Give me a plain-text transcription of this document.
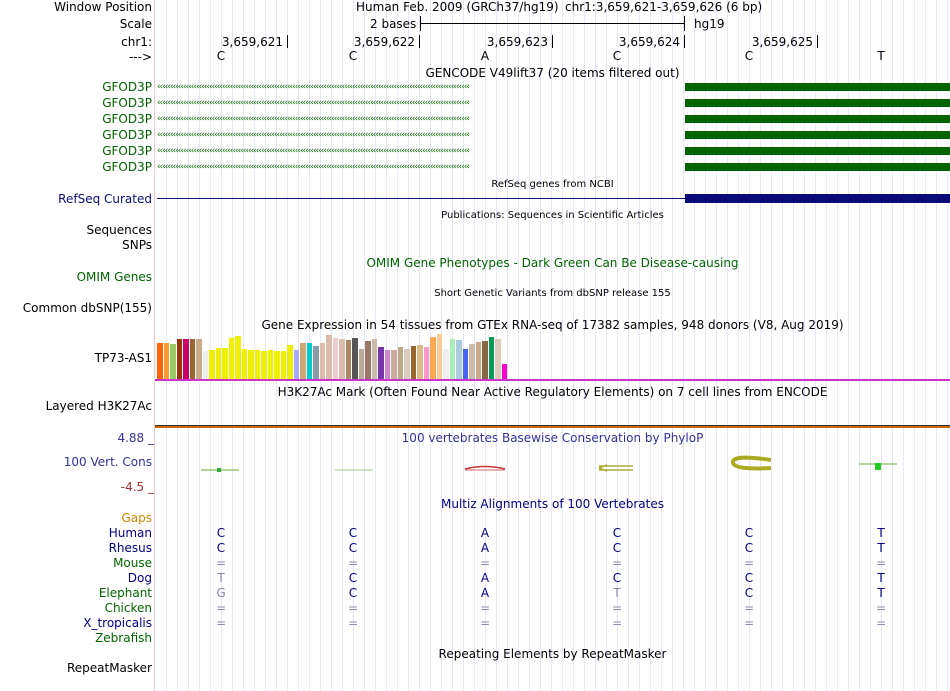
Window Position	Human Feb. 2009 (GRCh37/hg19) chr1:3,659,621-3,659,626 (6 bp)
Scale	2 bases	hg19
chr1:	3,659,621	3,659,622	3,659,623	3,659,624	3,659,625
--->	C	C	A	C	C	T
GENCODE V49lift37 (20 items filtered out)
GFOD3P ‹‹‹‹‹‹‹‹‹‹‹‹‹‹‹‹‹‹‹‹‹‹‹‹‹‹‹‹‹‹‹‹‹‹‹‹‹‹‹‹‹‹‹‹‹‹‹‹‹‹‹‹‹‹‹‹‹‹‹‹‹‹‹‹‹‹‹‹‹‹‹‹‹‹‹‹‹‹‹‹‹‹‹‹‹‹‹‹‹‹‹‹‹‹‹‹‹‹‹‹‹‹‹‹‹‹‹‹‹‹‹‹‹‹‹‹‹‹‹‹
GFOD3P ‹‹‹‹‹‹‹‹‹‹‹‹‹‹‹‹‹‹‹‹‹‹‹‹‹‹‹‹‹‹‹‹‹‹‹‹‹‹‹‹‹‹‹‹‹‹‹‹‹‹‹‹‹‹‹‹‹‹‹‹‹‹‹‹‹‹‹‹‹‹‹‹‹‹‹‹‹‹‹‹‹‹‹‹‹‹‹‹‹‹‹‹‹‹‹‹‹‹‹‹‹‹‹‹‹‹‹‹‹‹‹‹‹‹‹‹‹‹‹‹
GFOD3P ‹‹‹‹‹‹‹‹‹‹‹‹‹‹‹‹‹‹‹‹‹‹‹‹‹‹‹‹‹‹‹‹‹‹‹‹‹‹‹‹‹‹‹‹‹‹‹‹‹‹‹‹‹‹‹‹‹‹‹‹‹‹‹‹‹‹‹‹‹‹‹‹‹‹‹‹‹‹‹‹‹‹‹‹‹‹‹‹‹‹‹‹‹‹‹‹‹‹‹‹‹‹‹‹‹‹‹‹‹‹‹‹‹‹‹‹‹‹‹‹
GFOD3P ‹‹‹‹‹‹‹‹‹‹‹‹‹‹‹‹‹‹‹‹‹‹‹‹‹‹‹‹‹‹‹‹‹‹‹‹‹‹‹‹‹‹‹‹‹‹‹‹‹‹‹‹‹‹‹‹‹‹‹‹‹‹‹‹‹‹‹‹‹‹‹‹‹‹‹‹‹‹‹‹‹‹‹‹‹‹‹‹‹‹‹‹‹‹‹‹‹‹‹‹‹‹‹‹‹‹‹‹‹‹‹‹‹‹‹‹‹‹‹‹
GFOD3P ‹‹‹‹‹‹‹‹‹‹‹‹‹‹‹‹‹‹‹‹‹‹‹‹‹‹‹‹‹‹‹‹‹‹‹‹‹‹‹‹‹‹‹‹‹‹‹‹‹‹‹‹‹‹‹‹‹‹‹‹‹‹‹‹‹‹‹‹‹‹‹‹‹‹‹‹‹‹‹‹‹‹‹‹‹‹‹‹‹‹‹‹‹‹‹‹‹‹‹‹‹‹‹‹‹‹‹‹‹‹‹‹‹‹‹‹‹‹‹‹
GFOD3P ‹‹‹‹‹‹‹‹‹‹‹‹‹‹‹‹‹‹‹‹‹‹‹‹‹‹‹‹‹‹‹‹‹‹‹‹‹‹‹‹‹‹‹‹‹‹‹‹‹‹‹‹‹‹‹‹‹‹‹‹‹‹‹‹‹‹‹‹‹‹‹‹‹‹‹‹‹‹‹‹‹‹‹‹‹‹‹‹‹‹‹‹‹‹‹‹‹‹‹‹‹‹‹‹‹‹‹‹‹‹‹‹‹‹‹‹‹‹‹‹
RefSeq genes from NCBI
RefSeq Curated
Publications: Sequences in Scientific Articles
Sequences
SNPs
OMIM Gene Phenotypes - Dark Green Can Be Disease-causing
OMIM Genes
Short Genetic Variants from dbSNP release 155
Common dbSNP(155)
Gene Expression in 54 tissues from GTEx RNA-seq of 17382 samples, 948 donors (V8, Aug 2019)
TP73-AS1
H3K27Ac Mark (Often Found Near Active Regulatory Elements) on 7 cell lines from ENCODE
Layered H3K27Ac
100 vertebrates Basewise Conservation by PhyloP
4.88 _
100 Vert. Cons
-4.5 _
Multiz Alignments of 100 Vertebrates
Gaps
Human	C	C	A	C	C	T
Rhesus	C	C	A	C	C	T
Mouse	=	=	=	=	=	=
Dog	T	C	A	C	C	T
Elephant	G	C	A	T	C	T
Chicken	=	=	=	=	=	=
X_tropicalis	=	=	=	=	=	=
Zebrafish
Repeating Elements by RepeatMasker
RepeatMasker
